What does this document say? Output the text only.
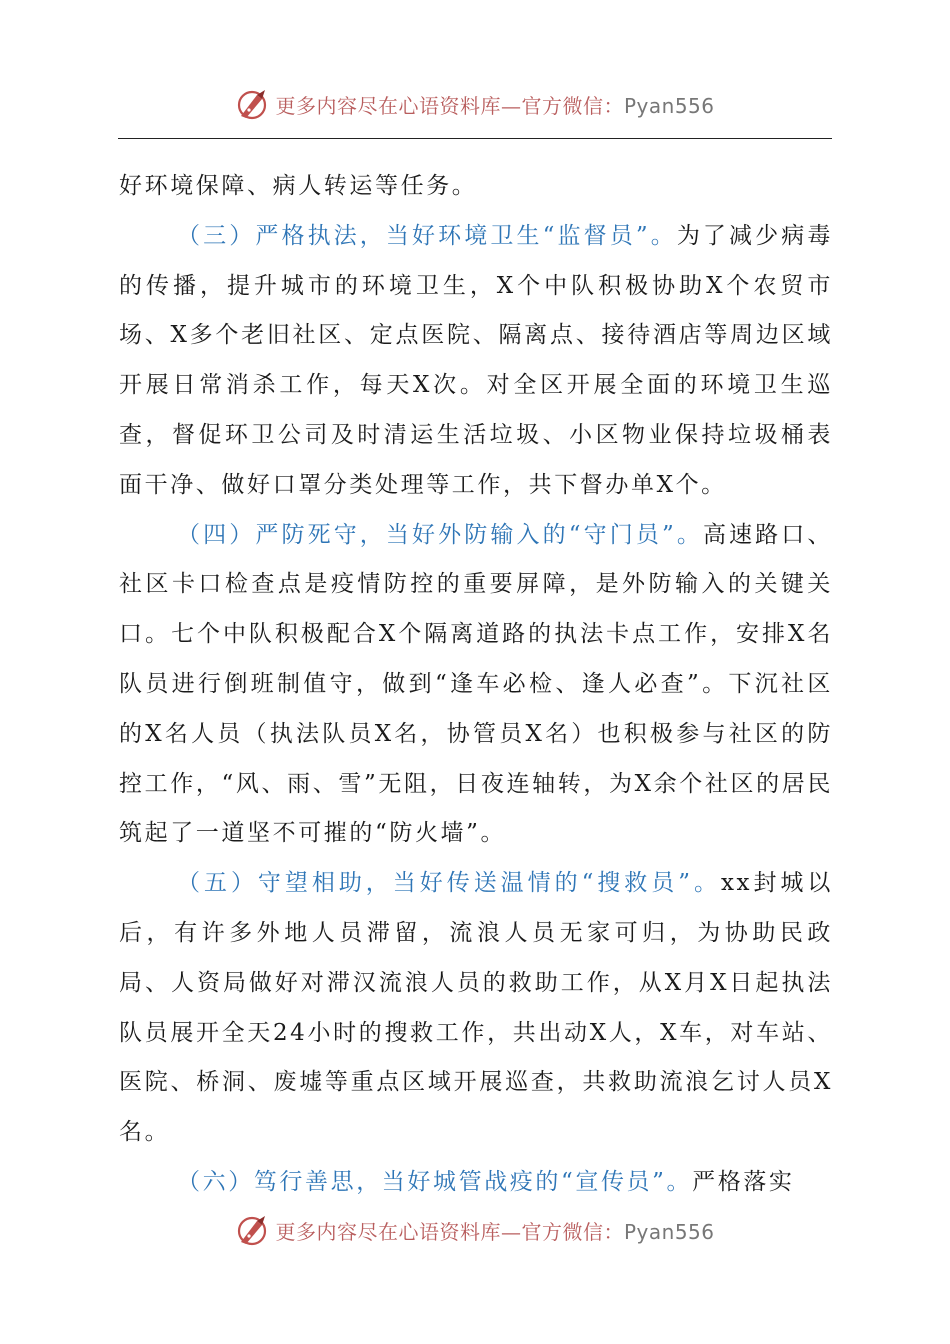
更多内容尽在心语资料库—官方微信：Pyan556

好环境保障、病人转运等任务。

（三）严格执法，当好环境卫生“监督员”。为了减少病毒的传播，提升城市的环境卫生，X个中队积极协助X个农贸市场、X多个老旧社区、定点医院、隔离点、接待酒店等周边区域开展日常消杀工作，每天X次。对全区开展全面的环境卫生巡查，督促环卫公司及时清运生活垃圾、小区物业保持垃圾桶表面干净、做好口罩分类处理等工作，共下督办单X个。

（四）严防死守，当好外防输入的“守门员”。高速路口、社区卡口检查点是疫情防控的重要屏障，是外防输入的关键关口。七个中队积极配合X个隔离道路的执法卡点工作，安排X名队员进行倒班制值守，做到“逢车必检、逢人必查”。下沉社区的X名人员（执法队员X名，协管员X名）也积极参与社区的防控工作，“风、雨、雪”无阻，日夜连轴转，为X余个社区的居民筑起了一道坚不可摧的“防火墙”。

（五）守望相助，当好传送温情的“搜救员”。xx封城以后，有许多外地人员滞留，流浪人员无家可归，为协助民政局、人资局做好对滞汉流浪人员的救助工作，从X月X日起执法队员展开全天24小时的搜救工作，共出动X人，X车，对车站、医院、桥洞、废墟等重点区域开展巡查，共救助流浪乞讨人员X名。

（六）笃行善思，当好城管战疫的“宣传员”。严格落实

更多内容尽在心语资料库—官方微信：Pyan556
